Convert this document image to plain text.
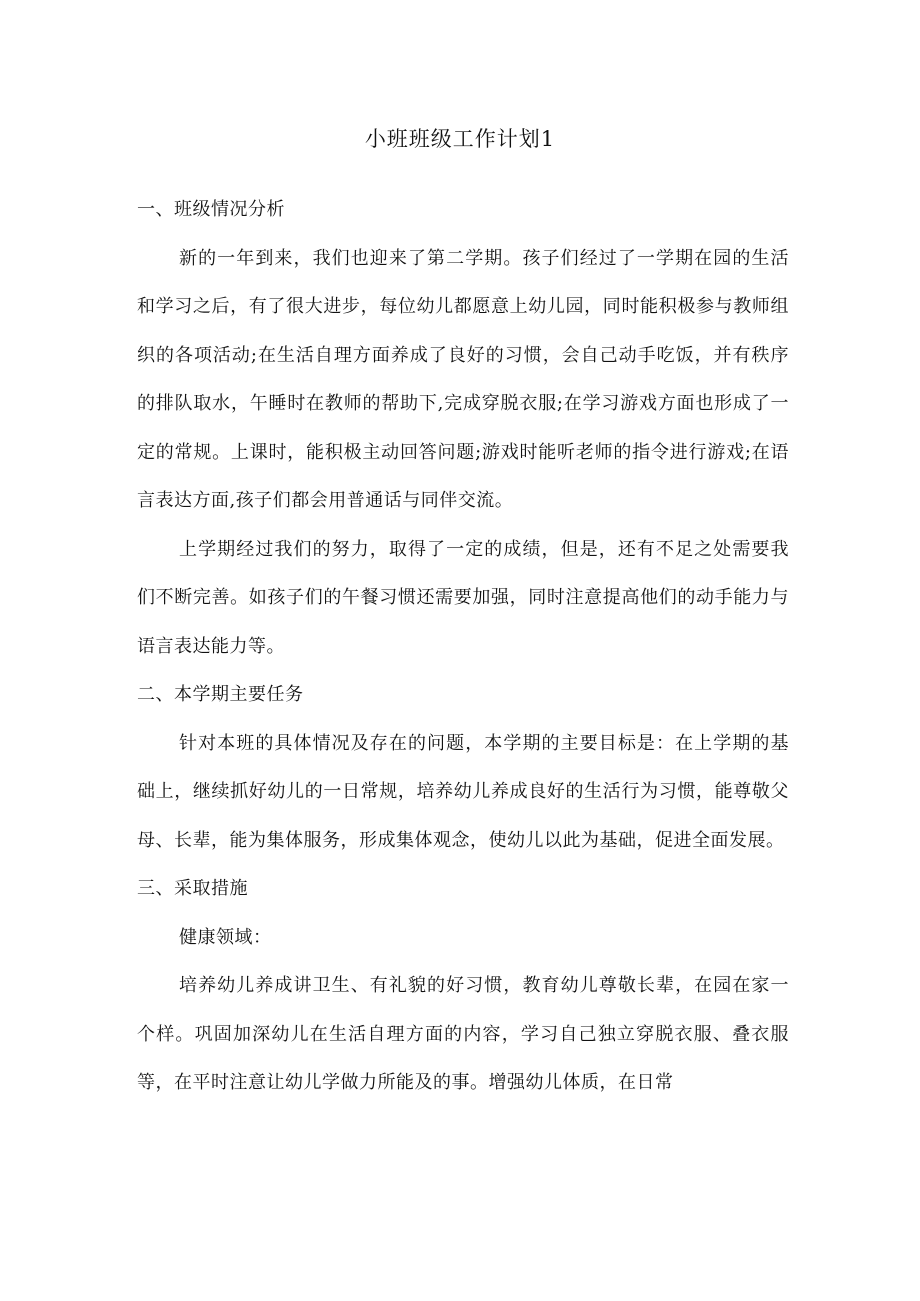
小班班级工作计划1

一、班级情况分析

新的一年到来，我们也迎来了第二学期。孩子们经过了一学期在园的生活和学习之后，有了很大进步，每位幼儿都愿意上幼儿园，同时能积极参与教师组织的各项活动;在生活自理方面养成了良好的习惯，会自己动手吃饭，并有秩序的排队取水，午睡时在教师的帮助下,完成穿脱衣服;在学习游戏方面也形成了一定的常规。上课时，能积极主动回答问题;游戏时能听老师的指令进行游戏;在语言表达方面,孩子们都会用普通话与同伴交流。

上学期经过我们的努力，取得了一定的成绩，但是，还有不足之处需要我们不断完善。如孩子们的午餐习惯还需要加强，同时注意提高他们的动手能力与语言表达能力等。

二、本学期主要任务

针对本班的具体情况及存在的问题，本学期的主要目标是：在上学期的基础上，继续抓好幼儿的一日常规，培养幼儿养成良好的生活行为习惯，能尊敬父母、长辈，能为集体服务，形成集体观念，使幼儿以此为基础，促进全面发展。

三、采取措施

健康领域：

培养幼儿养成讲卫生、有礼貌的好习惯，教育幼儿尊敬长辈，在园在家一个样。巩固加深幼儿在生活自理方面的内容，学习自己独立穿脱衣服、叠衣服等，在平时注意让幼儿学做力所能及的事。增强幼儿体质，在日常
